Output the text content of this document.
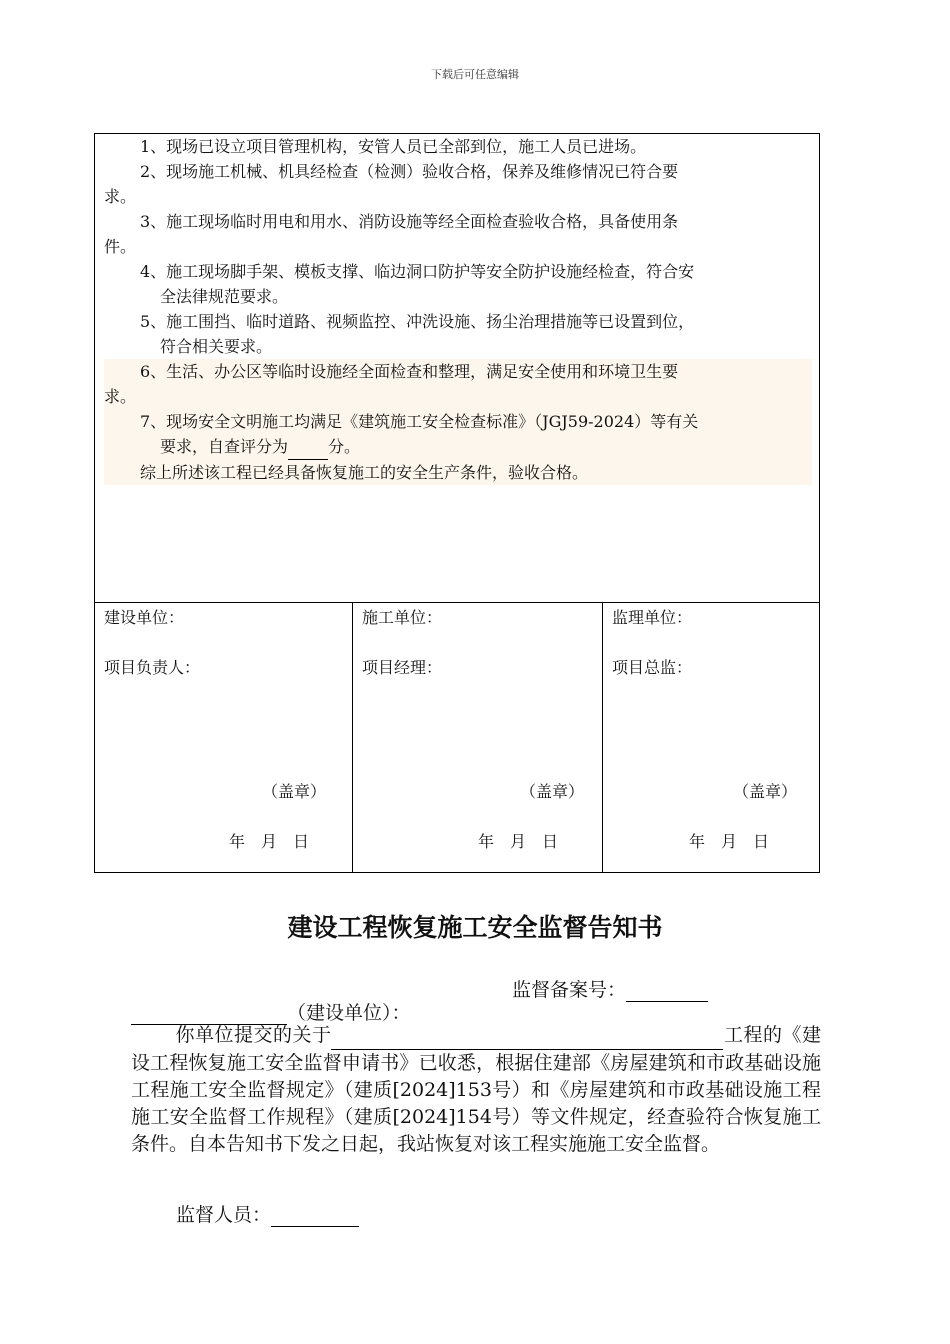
下载后可任意编辑
1、现场已设立项目管理机构，安管人员已全部到位，施工人员已进场。
2、现场施工机械、机具经检查（检测）验收合格，保养及维修情况已符合要
求。
3、施工现场临时用电和用水、消防设施等经全面检查验收合格，具备使用条
件。
4、施工现场脚手架、模板支撑、临边洞口防护等安全防护设施经检查，符合安
全法律规范要求。
5、施工围挡、临时道路、视频监控、冲洗设施、扬尘治理措施等已设置到位，
符合相关要求。
6、生活、办公区等临时设施经全面检查和整理，满足安全使用和环境卫生要
求。
7、现场安全文明施工均满足《建筑施工安全检查标准》（JGJ59-2024）等有关
要求，自查评分为	分。
综上所述该工程已经具备恢复施工的安全生产条件，验收合格。
建设单位：
项目负责人：
（盖章）
年　月　日
施工单位：
项目经理：
（盖章）
年　月　日
监理单位：
项目总监：
（盖章）
年　月　日
建设工程恢复施工安全监督告知书
监督备案号：
（建设单位）：
你单位提交的关于	工程的《建设工程恢复施工安全监督申请书》已收悉，根据住建部《房屋建筑和市政基础设施工程施工安全监督规定》（建质[2024]153号）和《房屋建筑和市政基础设施工程施工安全监督工作规程》（建质[2024]154号）等文件规定，经查验符合恢复施工条件。自本告知书下发之日起，我站恢复对该工程实施施工安全监督。
监督人员：
